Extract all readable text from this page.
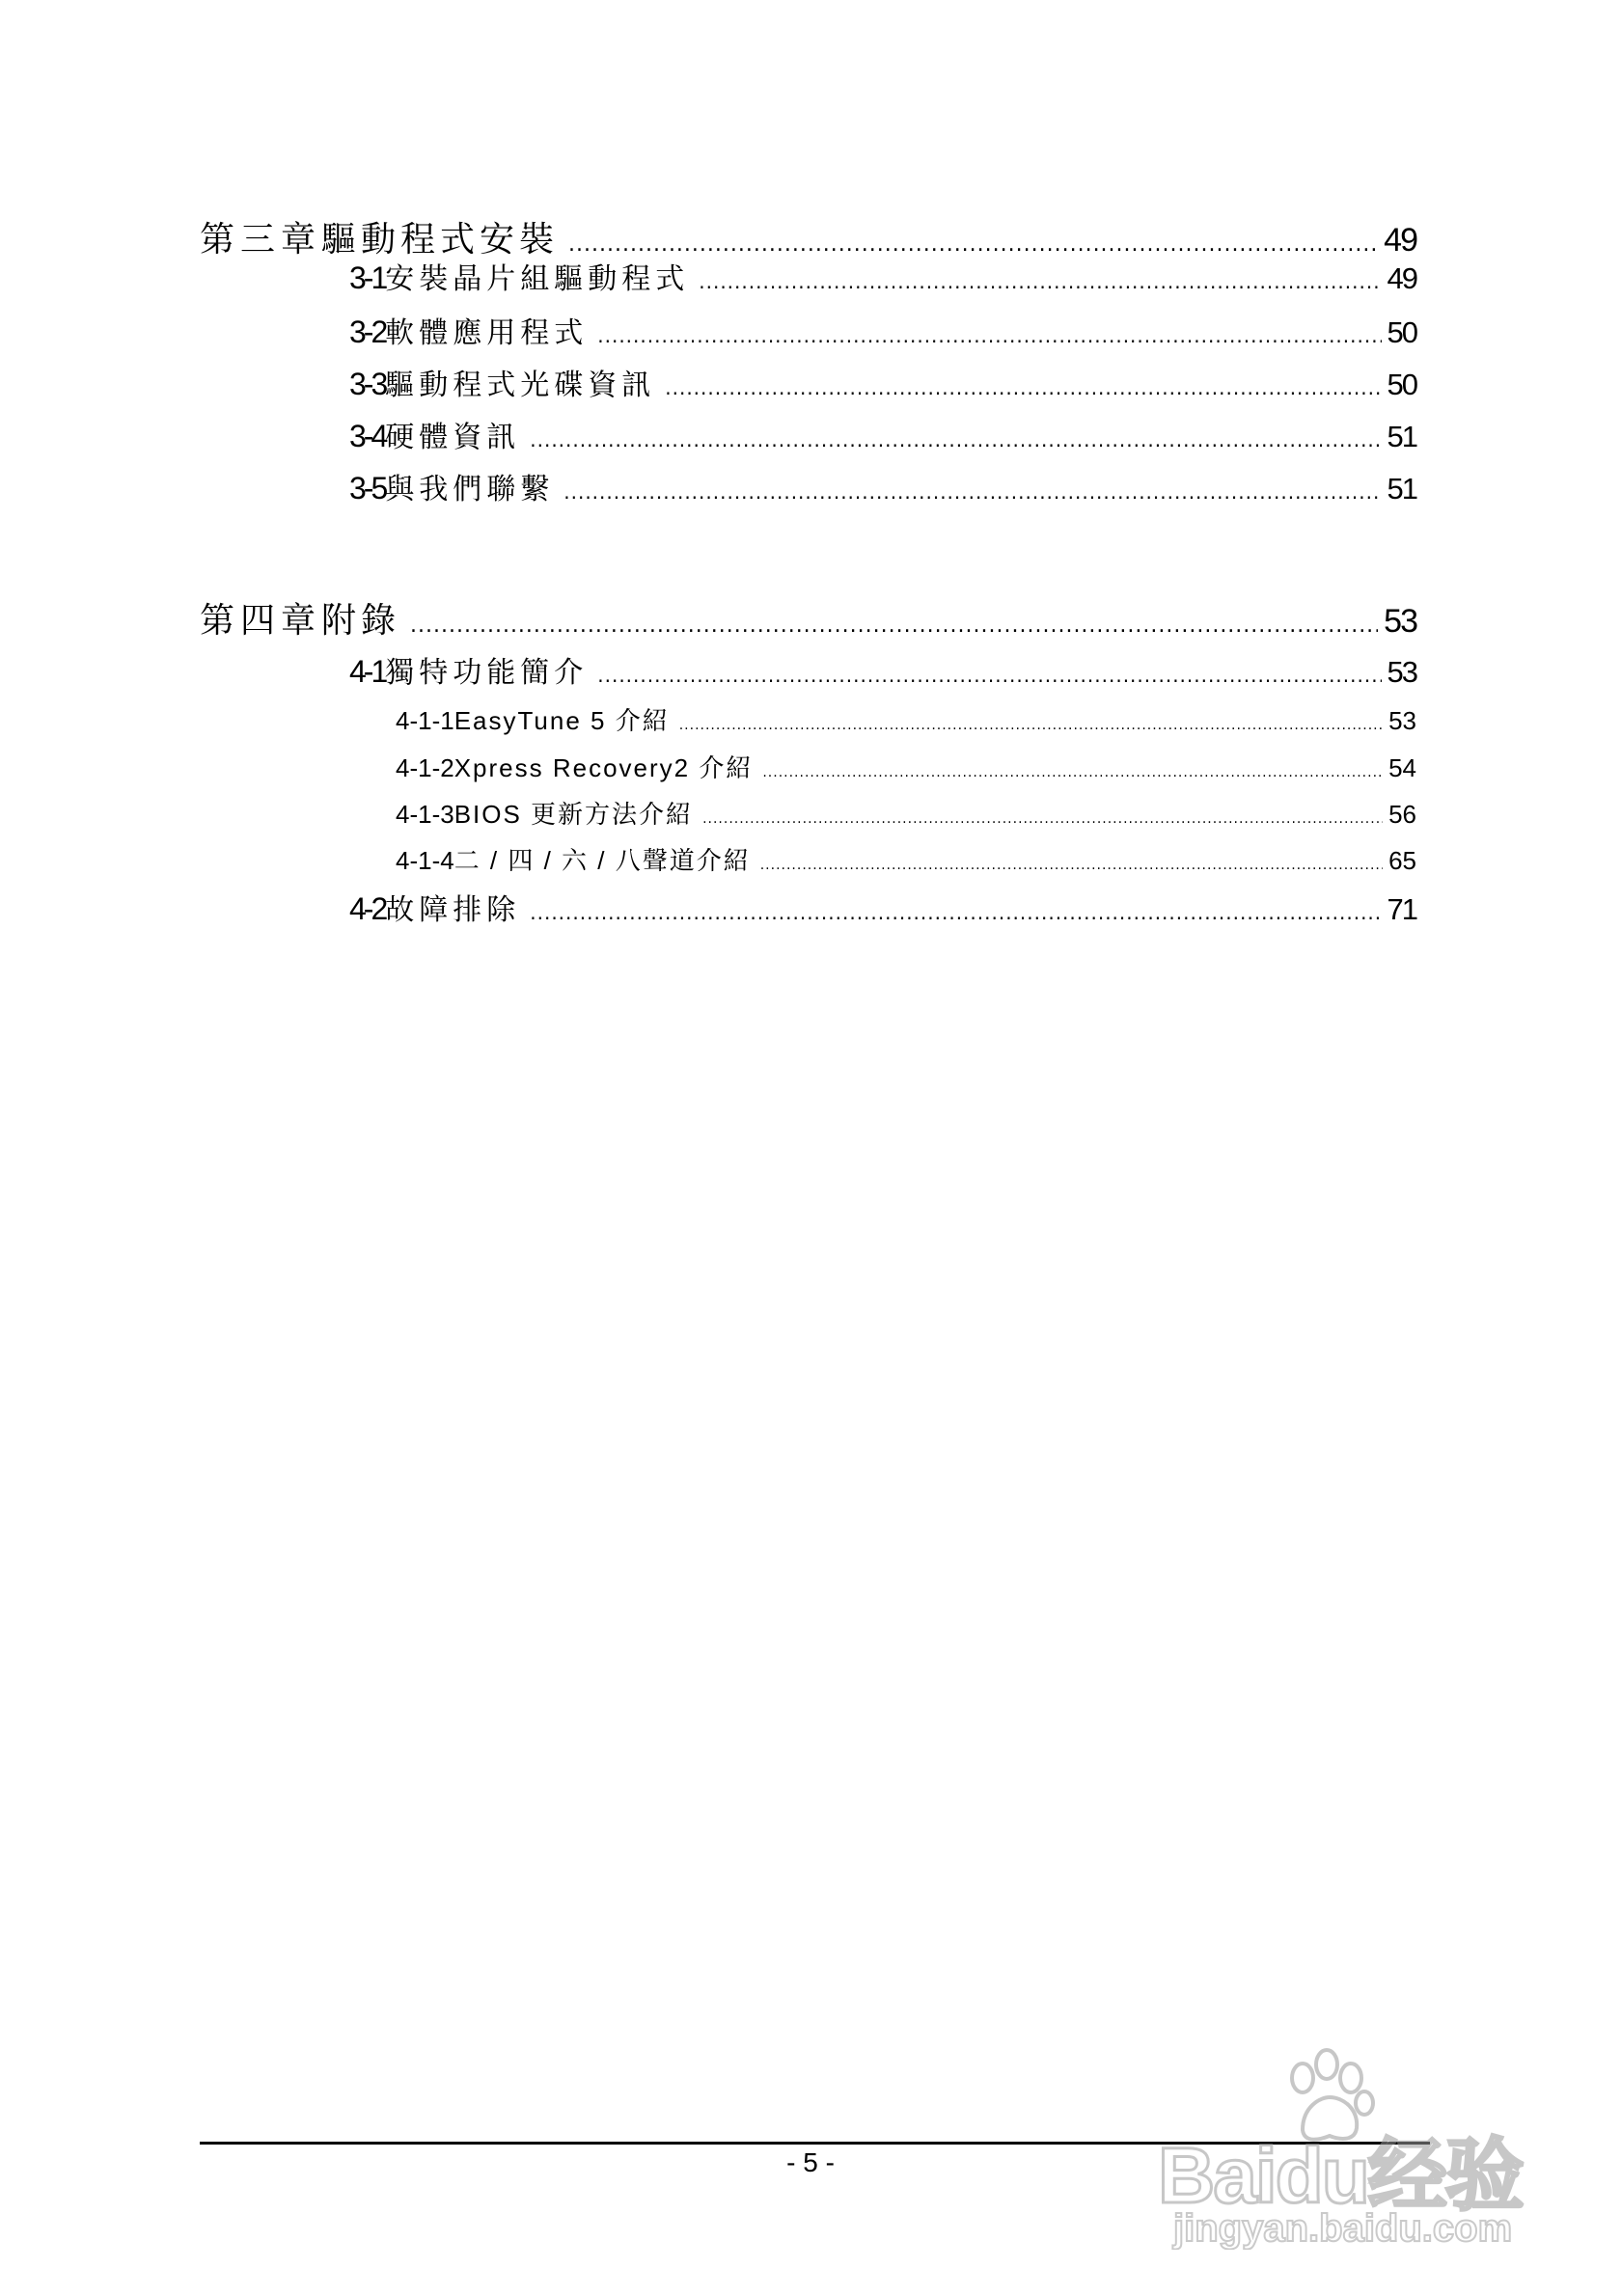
第三章 驅動程式安裝 .....	49
3-1 安裝晶片組驅動程式 .....	49
3-2 軟體應用程式 .....	50
3-3 驅動程式光碟資訊 .....	50
3-4 硬體資訊 .....	51
3-5 與我們聯繫 .....	51
第四章 附錄 .....	53
4-1 獨特功能簡介 .....	53
4-1-1 EasyTune 5 介紹 .....	53
4-1-2 Xpress Recovery2 介紹 .....	54
4-1-3 BIOS 更新方法介紹 .....	56
4-1-4 二 / 四 / 六 / 八聲道介紹 .....	65
4-2 故障排除 .....	71
- 5 -	Baidu经验
jingyan.baidu.com
